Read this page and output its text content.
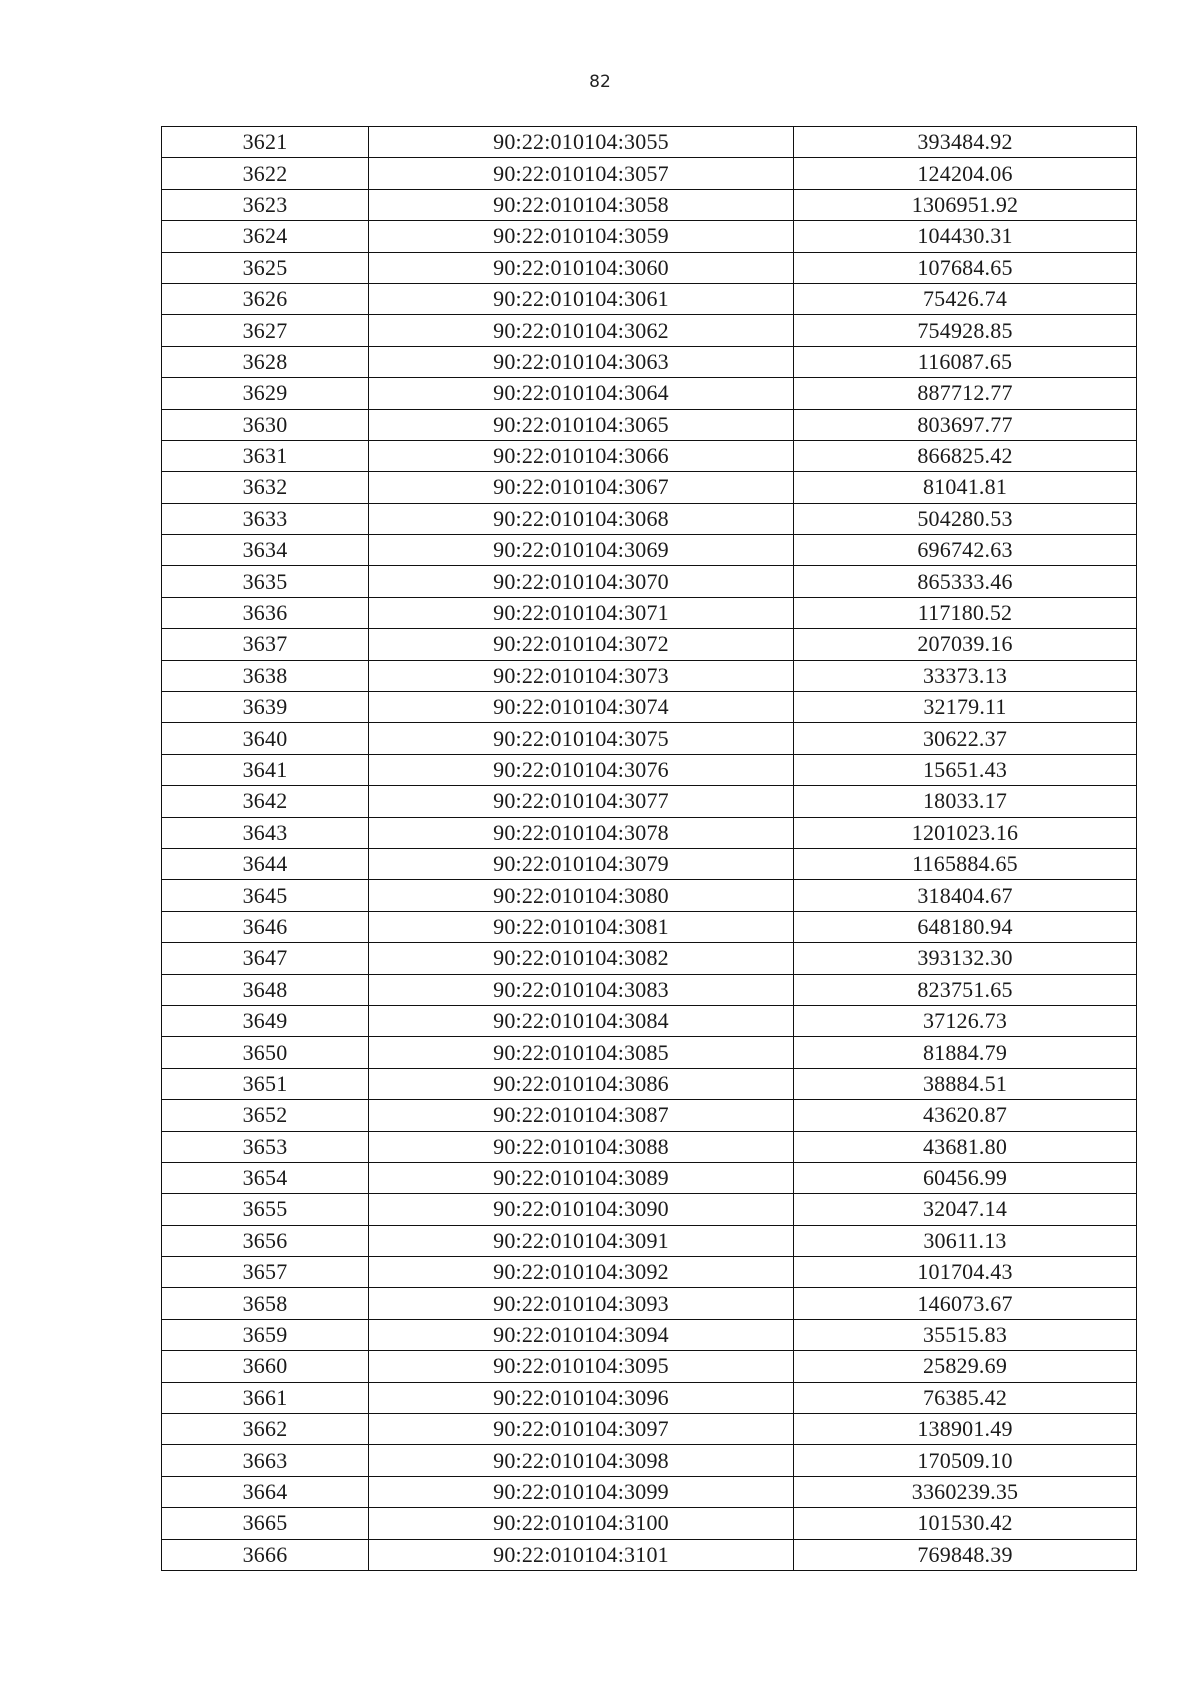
82
3621	90:22:010104:3055	393484.92
3622	90:22:010104:3057	124204.06
3623	90:22:010104:3058	1306951.92
3624	90:22:010104:3059	104430.31
3625	90:22:010104:3060	107684.65
3626	90:22:010104:3061	75426.74
3627	90:22:010104:3062	754928.85
3628	90:22:010104:3063	116087.65
3629	90:22:010104:3064	887712.77
3630	90:22:010104:3065	803697.77
3631	90:22:010104:3066	866825.42
3632	90:22:010104:3067	81041.81
3633	90:22:010104:3068	504280.53
3634	90:22:010104:3069	696742.63
3635	90:22:010104:3070	865333.46
3636	90:22:010104:3071	117180.52
3637	90:22:010104:3072	207039.16
3638	90:22:010104:3073	33373.13
3639	90:22:010104:3074	32179.11
3640	90:22:010104:3075	30622.37
3641	90:22:010104:3076	15651.43
3642	90:22:010104:3077	18033.17
3643	90:22:010104:3078	1201023.16
3644	90:22:010104:3079	1165884.65
3645	90:22:010104:3080	318404.67
3646	90:22:010104:3081	648180.94
3647	90:22:010104:3082	393132.30
3648	90:22:010104:3083	823751.65
3649	90:22:010104:3084	37126.73
3650	90:22:010104:3085	81884.79
3651	90:22:010104:3086	38884.51
3652	90:22:010104:3087	43620.87
3653	90:22:010104:3088	43681.80
3654	90:22:010104:3089	60456.99
3655	90:22:010104:3090	32047.14
3656	90:22:010104:3091	30611.13
3657	90:22:010104:3092	101704.43
3658	90:22:010104:3093	146073.67
3659	90:22:010104:3094	35515.83
3660	90:22:010104:3095	25829.69
3661	90:22:010104:3096	76385.42
3662	90:22:010104:3097	138901.49
3663	90:22:010104:3098	170509.10
3664	90:22:010104:3099	3360239.35
3665	90:22:010104:3100	101530.42
3666	90:22:010104:3101	769848.39
